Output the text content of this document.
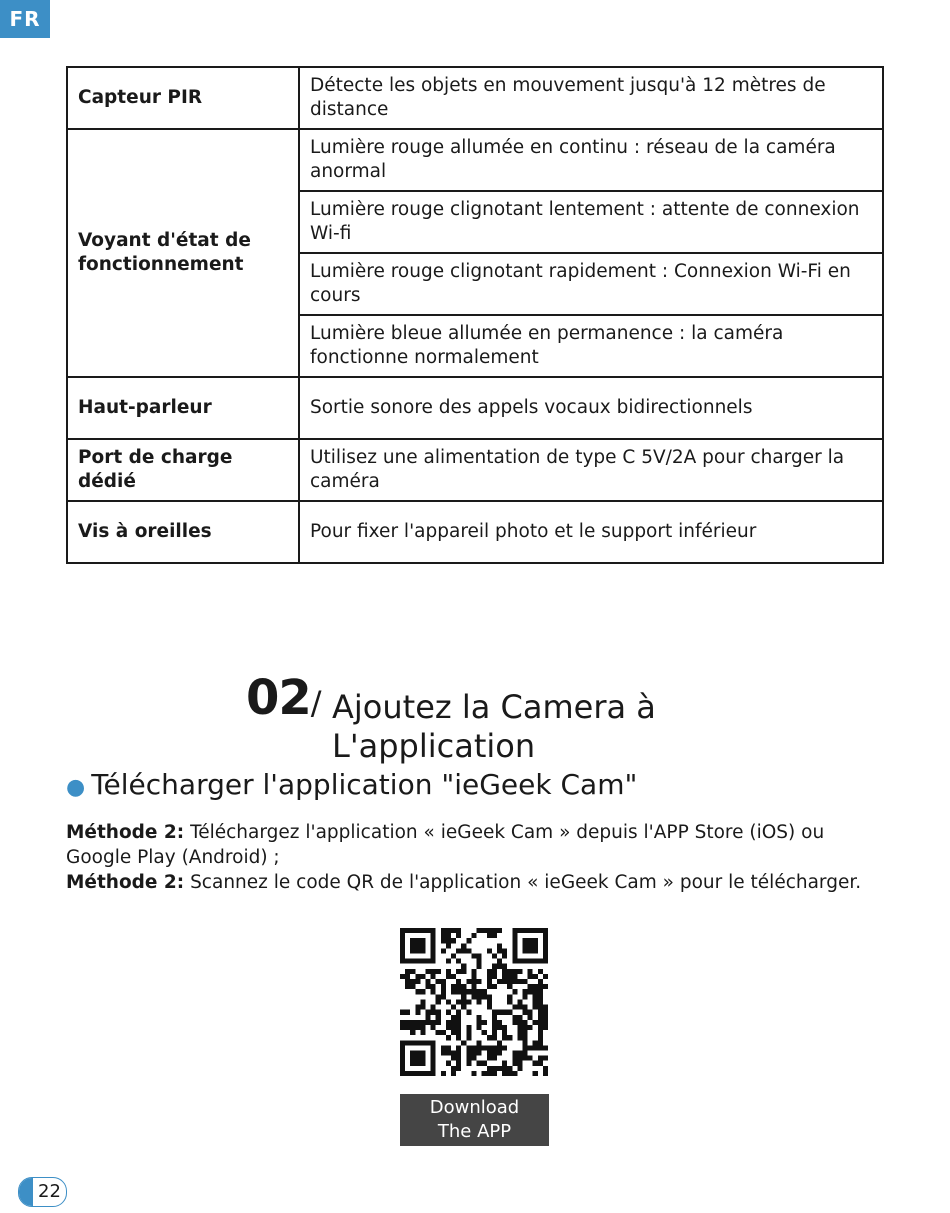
FR
Capteur PIR	Détecte les objets en mouvement jusqu'à 12 mètres de distance
Voyant d'état de fonctionnement	Lumière rouge allumée en continu : réseau de la caméra anormal
	Lumière rouge clignotant lentement : attente de connexion Wi-fi
	Lumière rouge clignotant rapidement : Connexion Wi-Fi en cours
	Lumière bleue allumée en permanence : la caméra fonctionne normalement
Haut-parleur	Sortie sonore des appels vocaux bidirectionnels
Port de charge dédié	Utilisez une alimentation de type C 5V/2A pour charger la caméra
Vis à oreilles	Pour fixer l'appareil photo et le support inférieur
02/ Ajoutez la Camera à
L'application
● Télécharger l'application "ieGeek Cam"
Méthode 2: Téléchargez l'application « ieGeek Cam » depuis l'APP Store (iOS) ou Google Play (Android) ;
Méthode 2: Scannez le code QR de l'application « ieGeek Cam » pour le télécharger.
Download
The APP
22
